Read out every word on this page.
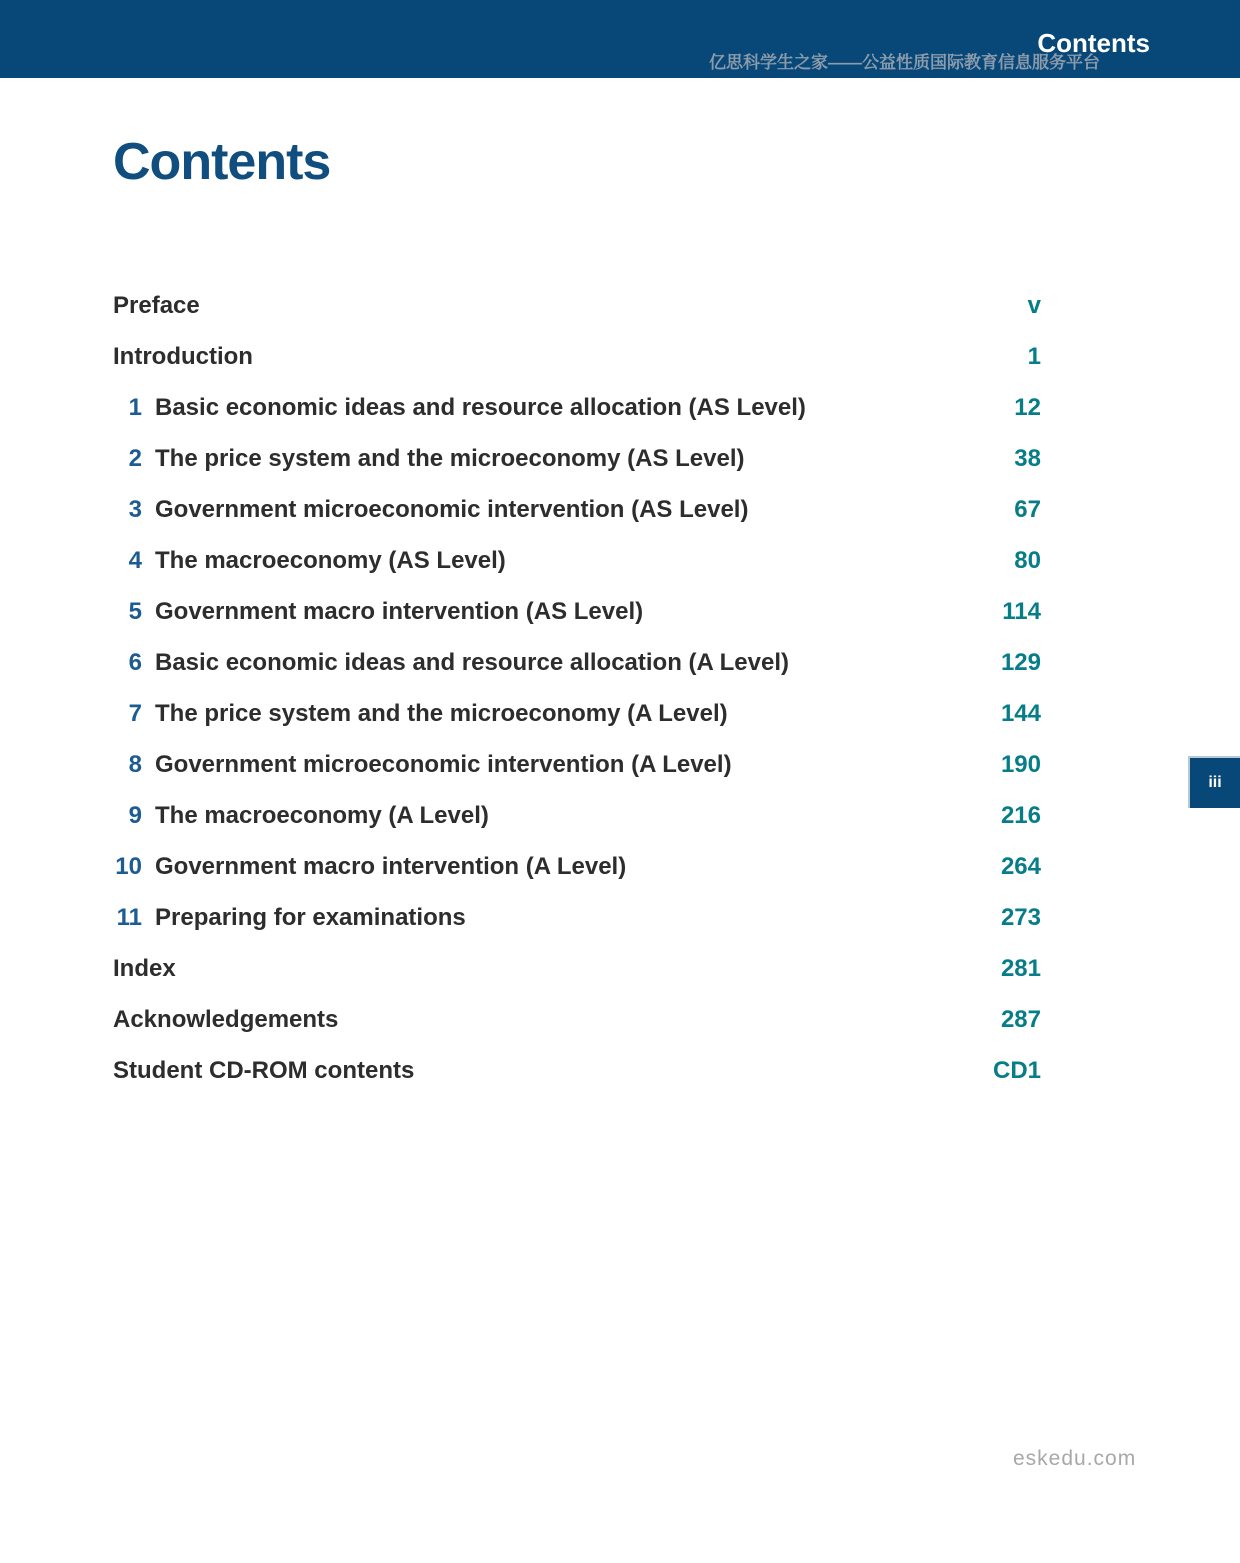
Contents
亿思科学生之家——公益性质国际教育信息服务平台
Contents
Preface	v
Introduction	1
1 Basic economic ideas and resource allocation (AS Level)	12
2 The price system and the microeconomy (AS Level)	38
3 Government microeconomic intervention (AS Level)	67
4 The macroeconomy (AS Level)	80
5 Government macro intervention (AS Level)	114
6 Basic economic ideas and resource allocation (A Level)	129
7 The price system and the microeconomy (A Level)	144
8 Government microeconomic intervention (A Level)	190
9 The macroeconomy (A Level)	216
10 Government macro intervention (A Level)	264
11 Preparing for examinations	273
Index	281
Acknowledgements	287
Student CD-ROM contents	CD1
iii
eskedu.com
